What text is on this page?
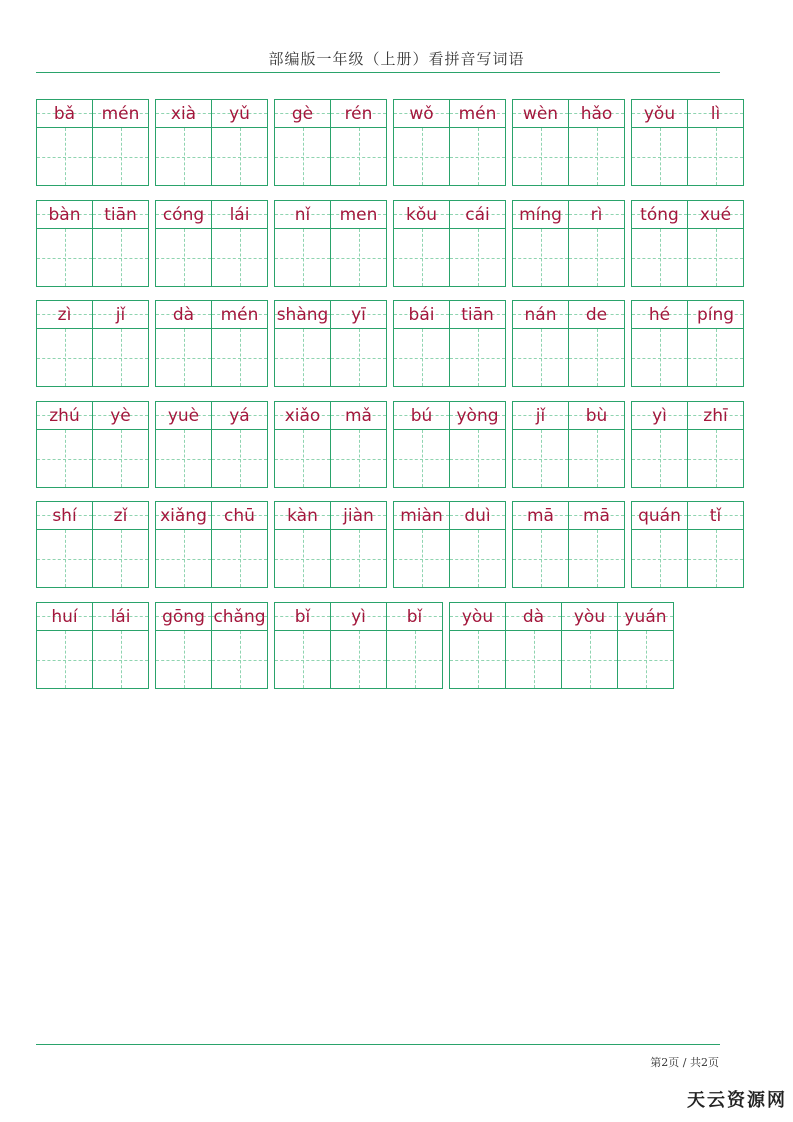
部编版一年级（上册）看拼音写词语
bǎ mén xià yǔ gè rén wǒ mén wèn hǎo yǒu lì
bàn tiān cóng lái	nǐ men kǒu cái míng rì tóng xué
zì	jǐ	dà mén shàng yī	bái tiān nán de hé píng
zhú yè yuè yá xiǎo mǎ bú yòng jǐ bù	yì zhī
shí zǐ xiǎng chū kàn jiàn miàn duì mā mā quán tǐ
huí lái gōng chǎng bǐ yì bǐ yòu dà yòu yuán
第2页 / 共2页
天云资源网
